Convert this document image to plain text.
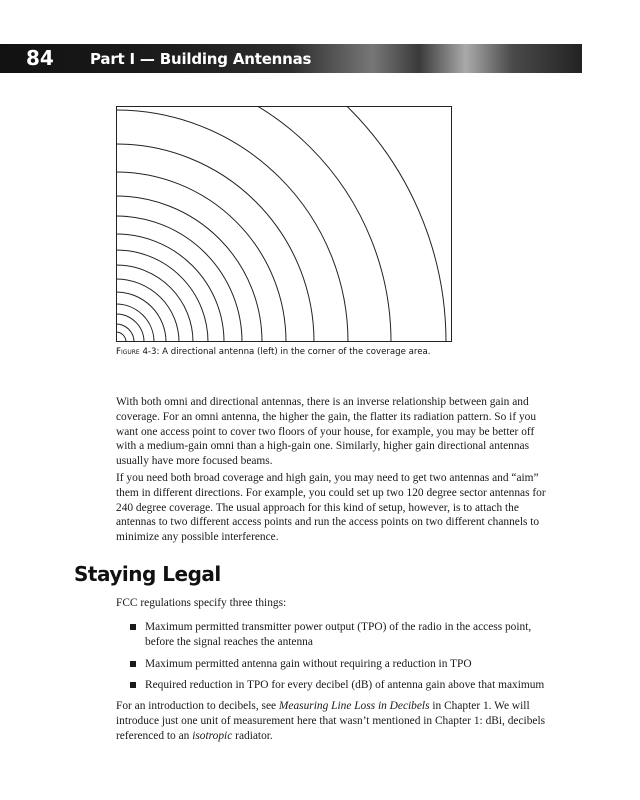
84 Part I — Building Antennas
Figure 4-3: A directional antenna (left) in the corner of the coverage area.

With both omni and directional antennas, there is an inverse relationship between gain and coverage. For an omni antenna, the higher the gain, the flatter its radiation pattern. So if you want one access point to cover two floors of your house, for example, you may be better off with a medium-gain omni than a high-gain one. Similarly, higher gain directional antennas usually have more focused beams.

If you need both broad coverage and high gain, you may need to get two antennas and “aim” them in different directions. For example, you could set up two 120 degree sector antennas for 240 degree coverage. The usual approach for this kind of setup, however, is to attach the antennas to two different access points and run the access points on two different channels to minimize any possible interference.

Staying Legal

FCC regulations specify three things:

Maximum permitted transmitter power output (TPO) of the radio in the access point, before the signal reaches the antenna
Maximum permitted antenna gain without requiring a reduction in TPO
Required reduction in TPO for every decibel (dB) of antenna gain above that maximum

For an introduction to decibels, see Measuring Line Loss in Decibels in Chapter 1. We will introduce just one unit of measurement here that wasn’t mentioned in Chapter 1: dBi, decibels referenced to an isotropic radiator.
